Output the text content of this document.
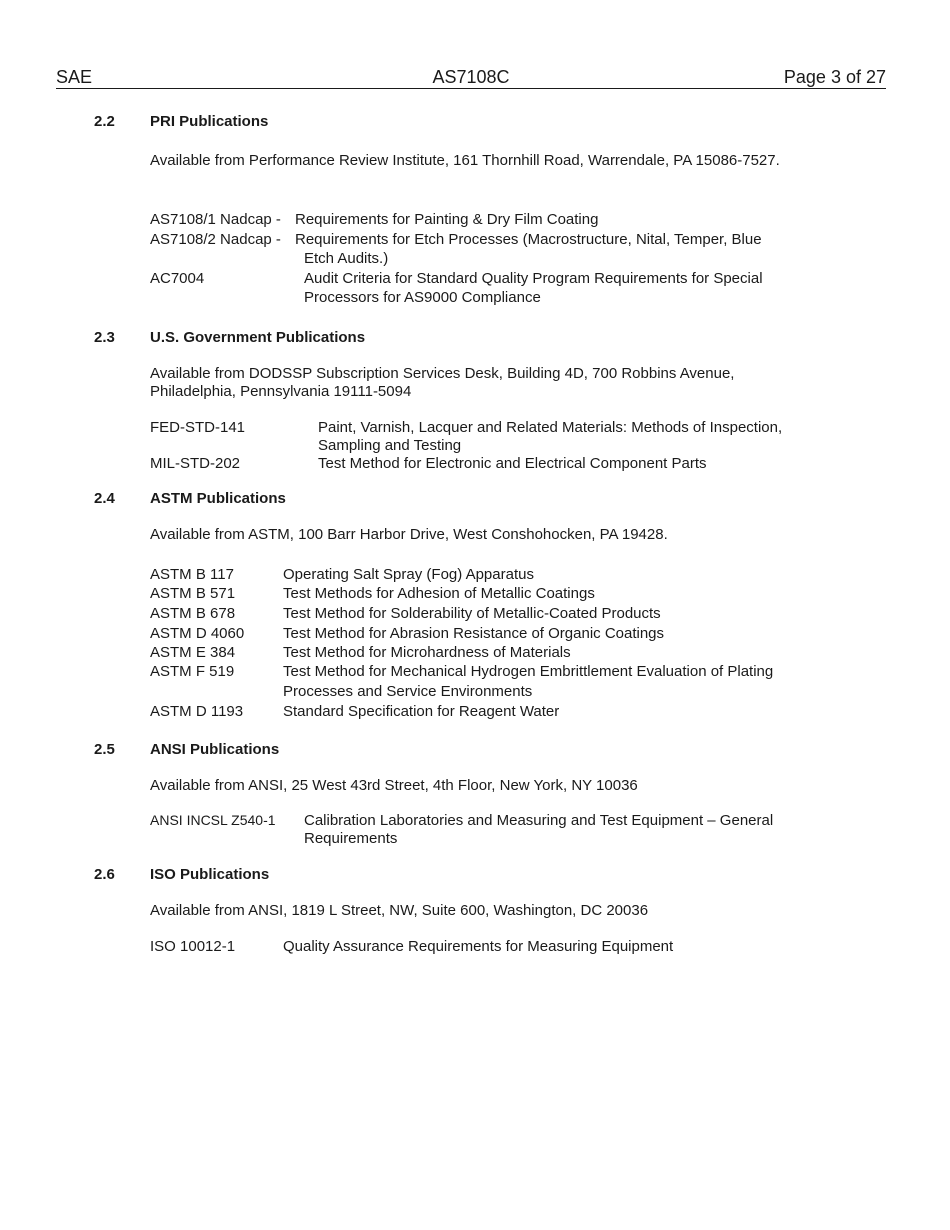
SAE	AS7108C	Page 3 of 27
2.2 PRI Publications
Available from Performance Review Institute, 161 Thornhill Road, Warrendale, PA 15086-7527.
AS7108/1 Nadcap - Requirements for Painting & Dry Film Coating
AS7108/2 Nadcap - Requirements for Etch Processes (Macrostructure, Nital, Temper, Blue
Etch Audits.)
AC7004	Audit Criteria for Standard Quality Program Requirements for Special
Processors for AS9000 Compliance
2.3 U.S. Government Publications
Available from DODSSP Subscription Services Desk, Building 4D, 700 Robbins Avenue,
Philadelphia, Pennsylvania 19111-5094
FED-STD-141	Paint, Varnish, Lacquer and Related Materials: Methods of Inspection,
Sampling and Testing
MIL-STD-202	Test Method for Electronic and Electrical Component Parts
2.4 ASTM Publications
Available from ASTM, 100 Barr Harbor Drive, West Conshohocken, PA 19428.
ASTM B 117	Operating Salt Spray (Fog) Apparatus
ASTM B 571	Test Methods for Adhesion of Metallic Coatings
ASTM B 678	Test Method for Solderability of Metallic-Coated Products
ASTM D 4060	Test Method for Abrasion Resistance of Organic Coatings
ASTM E 384	Test Method for Microhardness of Materials
ASTM F 519	Test Method for Mechanical Hydrogen Embrittlement Evaluation of Plating
Processes and Service Environments
ASTM D 1193	Standard Specification for Reagent Water
2.5 ANSI Publications
Available from ANSI, 25 West 43rd Street, 4th Floor, New York, NY 10036
ANSI INCSL Z540-1 Calibration Laboratories and Measuring and Test Equipment – General
Requirements
2.6 ISO Publications
Available from ANSI, 1819 L Street, NW, Suite 600, Washington, DC 20036
ISO 10012-1	Quality Assurance Requirements for Measuring Equipment
